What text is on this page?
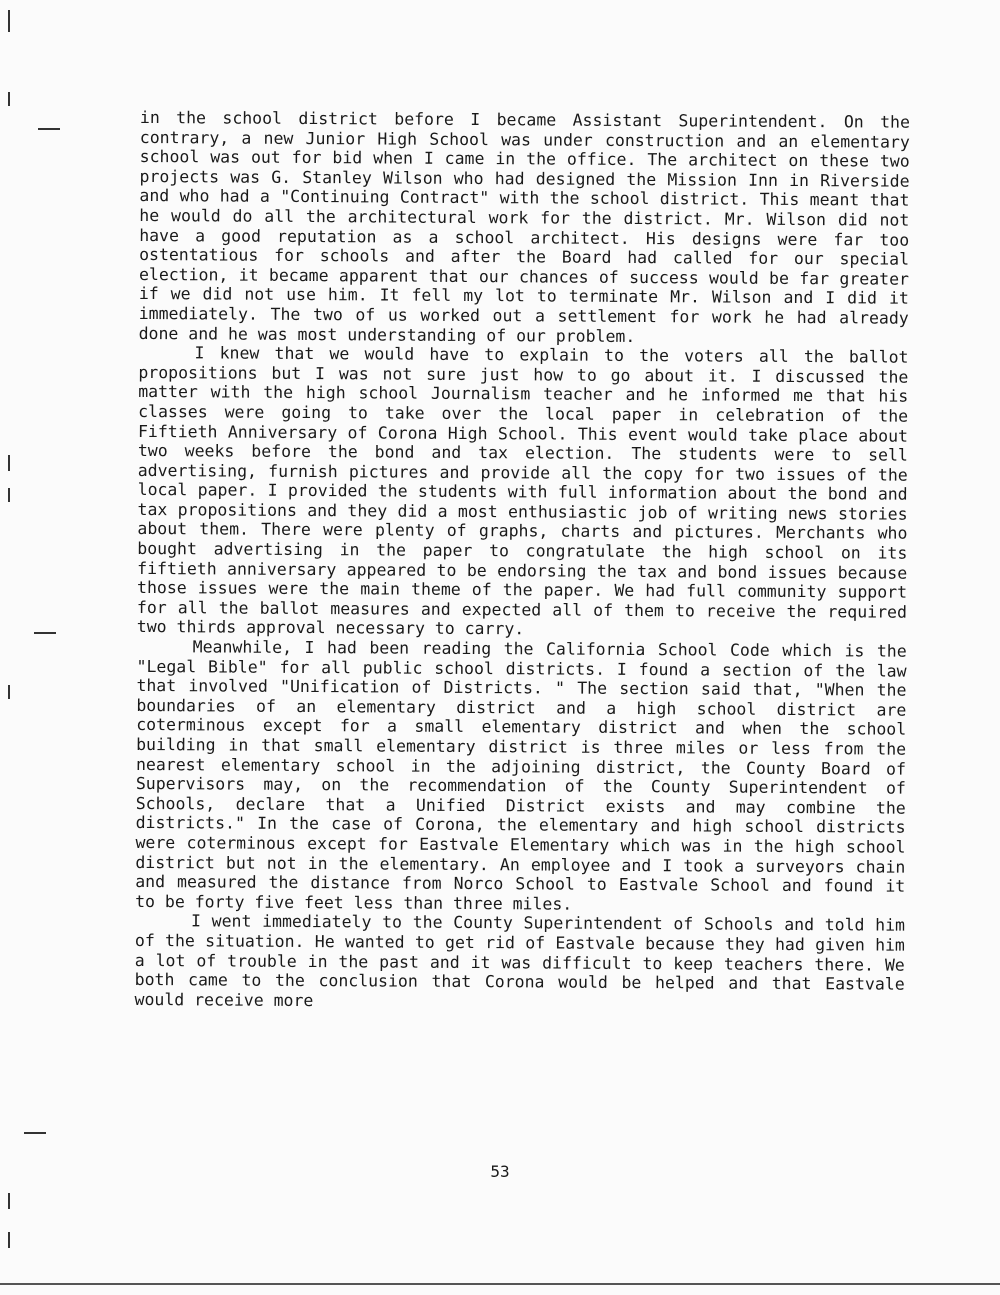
in the school district before I became Assistant Superintendent. On the contrary, a new Junior High School was under construction and an elementary school was out for bid when I came in the office. The architect on these two projects was G. Stanley Wilson who had designed the Mission Inn in Riverside and who had a "Continuing Contract" with the school district. This meant that he would do all the architectural work for the district. Mr. Wilson did not have a good reputation as a school architect. His designs were far too ostentatious for schools and after the Board had called for our special election, it became apparent that our chances of success would be far greater if we did not use him. It fell my lot to terminate Mr. Wilson and I did it immediately. The two of us worked out a settlement for work he had already done and he was most understanding of our problem.

I knew that we would have to explain to the voters all the ballot propositions but I was not sure just how to go about it. I discussed the matter with the high school Journalism teacher and he informed me that his classes were going to take over the local paper in celebration of the Fiftieth Anniversary of Corona High School. This event would take place about two weeks before the bond and tax election. The students were to sell advertising, furnish pictures and provide all the copy for two issues of the local paper. I provided the students with full information about the bond and tax propositions and they did a most enthusiastic job of writing news stories about them. There were plenty of graphs, charts and pictures. Merchants who bought advertising in the paper to congratulate the high school on its fiftieth anniversary appeared to be endorsing the tax and bond issues because those issues were the main theme of the paper. We had full community support for all the ballot measures and expected all of them to receive the required two thirds approval necessary to carry.

Meanwhile, I had been reading the California School Code which is the "Legal Bible" for all public school districts. I found a section of the law that involved "Unification of Districts. " The section said that, "When the boundaries of an elementary district and a high school district are coterminous except for a small elementary district and when the school building in that small elementary district is three miles or less from the nearest elementary school in the adjoining district, the County Board of Supervisors may, on the recommendation of the County Superintendent of Schools, declare that a Unified District exists and may combine the districts." In the case of Corona, the elementary and high school districts were coterminous except for Eastvale Elementary which was in the high school district but not in the elementary. An employee and I took a surveyors chain and measured the distance from Norco School to Eastvale School and found it to be forty five feet less than three miles.

I went immediately to the County Superintendent of Schools and told him of the situation. He wanted to get rid of Eastvale because they had given him a lot of trouble in the past and it was difficult to keep teachers there. We both came to the conclusion that Corona would be helped and that Eastvale would receive more

53
